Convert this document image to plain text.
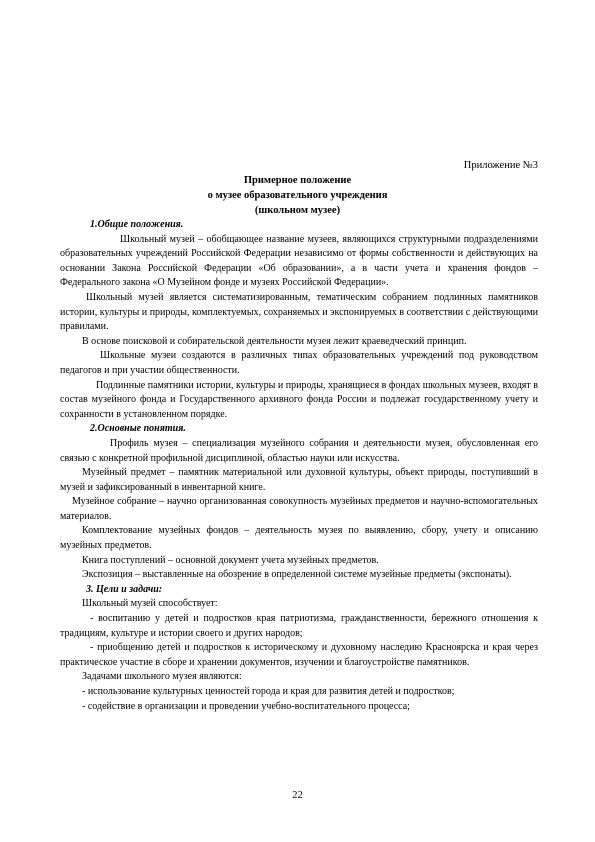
Приложение №3
Примерное положение
о музее образовательного учреждения
(школьном музее)

1.Общие положения.

Школьный музей – обобщающее название музеев, являющихся структурными подразделениями образовательных учреждений Российской Федерации независимо от формы собственности и действующих на основании Закона Российской Федерации «Об образовании», а в части учета и хранения фондов – Федерального закона «О Музейном фонде и музеях Российской Федерации».

Школьный музей является систематизированным, тематическим собранием подлинных памятников истории, культуры и природы, комплектуемых, сохраняемых и экспонируемых в соответствии с действующими правилами.

В основе поисковой и собирательской деятельности музея лежит краеведческий принцип.

Школьные музеи создаются в различных типах образовательных учреждений под руководством педагогов и при участии общественности.

Подлинные памятники истории, культуры и природы, хранящиеся в фондах школьных музеев, входят в состав музейного фонда и Государственного архивного фонда России и подлежат государственному учету и сохранности в установленном порядке.

2.Основные понятия.

Профиль музея – специализация музейного собрания и деятельности музея, обусловленная его связью с конкретной профильной дисциплиной, областью науки или искусства.

Музейный предмет – памятник материальной или духовной культуры, объект природы, поступивший в музей и зафиксированный в инвентарной книге.

Музейное собрание – научно организованная совокупность музейных предметов и научно-вспомогательных материалов.

Комплектование музейных фондов – деятельность музея по выявлению, сбору, учету и описанию музейных предметов.

Книга поступлений – основной документ учета музейных предметов.

Экспозиция – выставленные на обозрение в определенной системе музейные предметы (экспонаты).

3. Цели и задачи:

Школьный музей способствует:

- воспитанию у детей и подростков края патриотизма, гражданственности, бережного отношения к традициям, культуре и истории своего и других народов;

- приобщению детей и подростков к историческому и духовному наследию Красноярска и края через практическое участие в сборе и хранении документов, изучении и благоустройстве памятников.

Задачами школьного музея являются:

- использование культурных ценностей города и края для развития детей и подростков;

- содействие в организации и проведении учебно-воспитательного процесса;

22
